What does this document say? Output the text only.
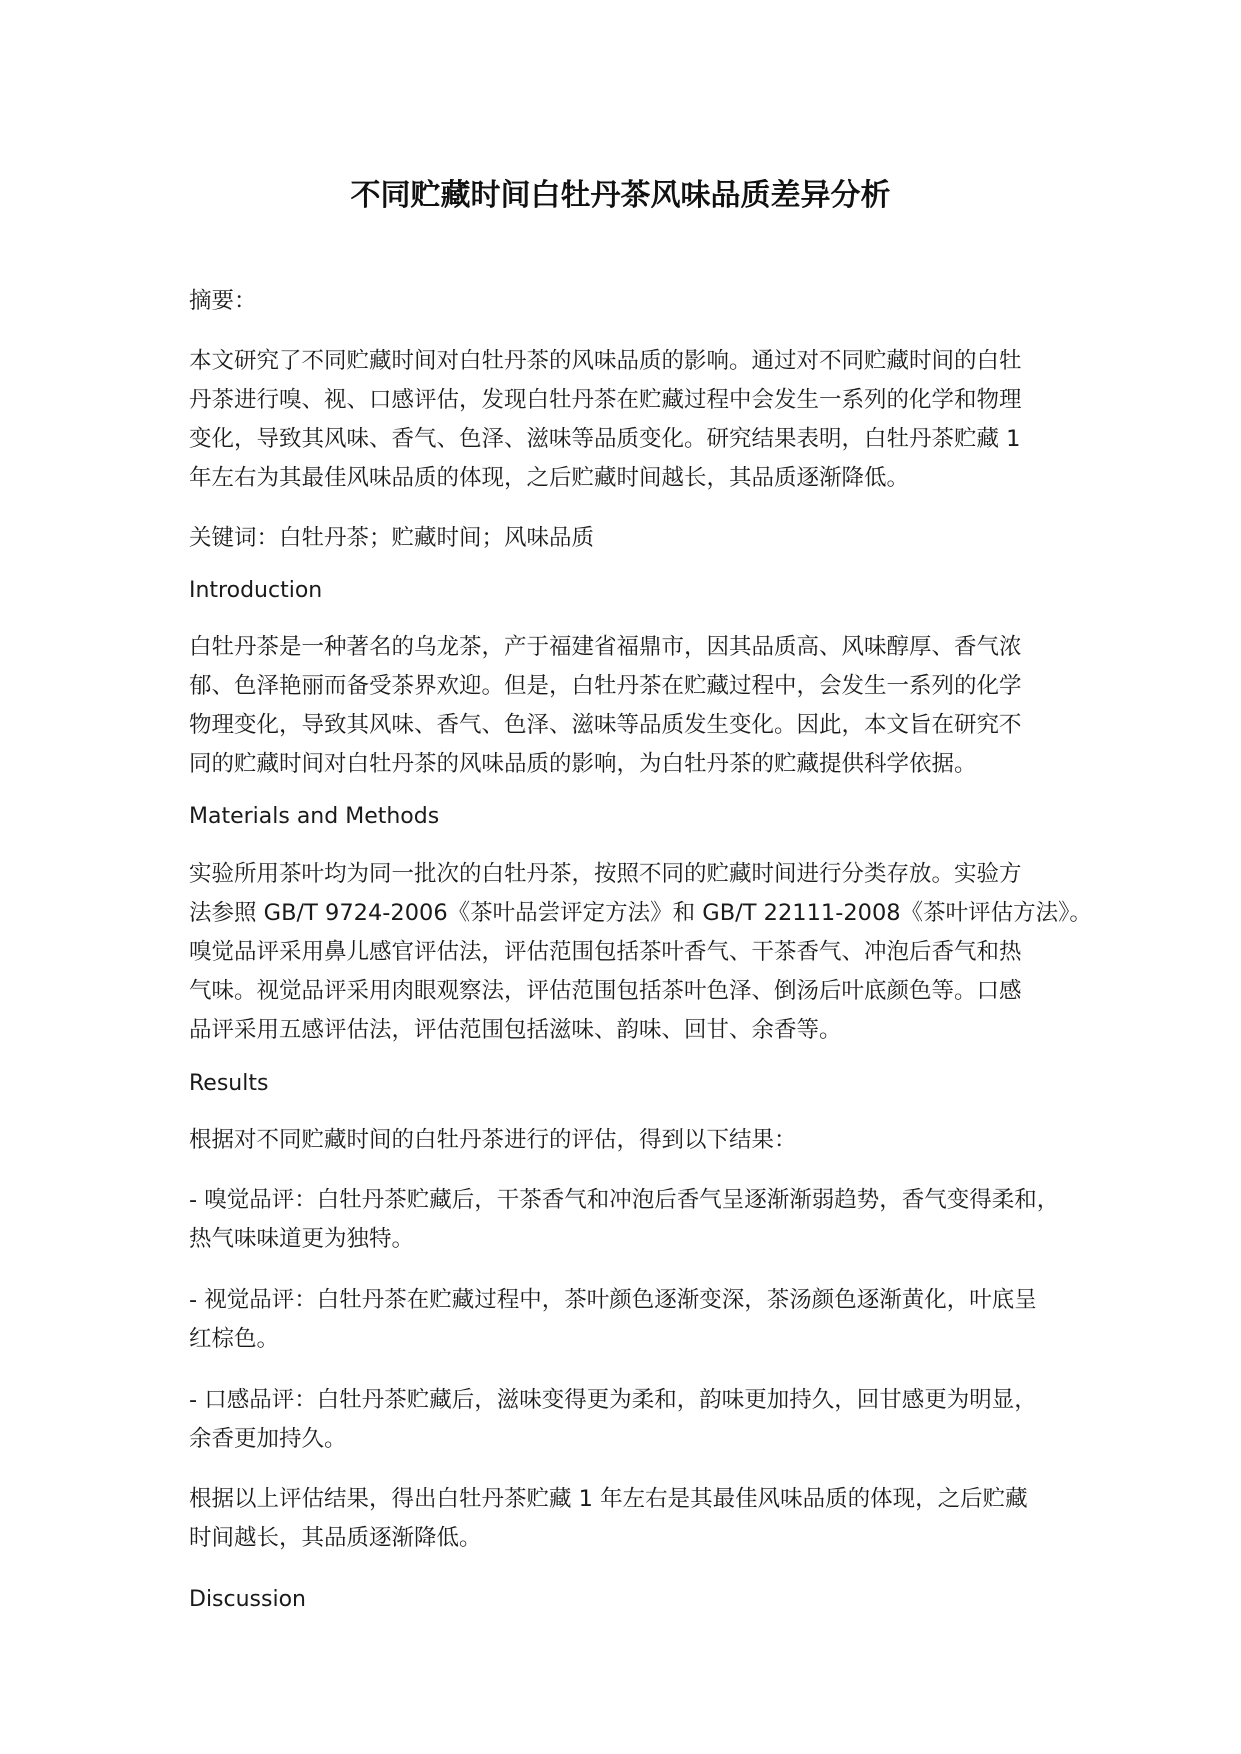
不同贮藏时间白牡丹茶风味品质差异分析

摘要：

本文研究了不同贮藏时间对白牡丹茶的风味品质的影响。通过对不同贮藏时间的白牡
丹茶进行嗅、视、口感评估，发现白牡丹茶在贮藏过程中会发生一系列的化学和物理
变化，导致其风味、香气、色泽、滋味等品质变化。研究结果表明，白牡丹茶贮藏 1
年左右为其最佳风味品质的体现，之后贮藏时间越长，其品质逐渐降低。

关键词：白牡丹茶；贮藏时间；风味品质

Introduction

白牡丹茶是一种著名的乌龙茶，产于福建省福鼎市，因其品质高、风味醇厚、香气浓
郁、色泽艳丽而备受茶界欢迎。但是，白牡丹茶在贮藏过程中，会发生一系列的化学
物理变化，导致其风味、香气、色泽、滋味等品质发生变化。因此，本文旨在研究不
同的贮藏时间对白牡丹茶的风味品质的影响，为白牡丹茶的贮藏提供科学依据。

Materials and Methods

实验所用茶叶均为同一批次的白牡丹茶，按照不同的贮藏时间进行分类存放。实验方
法参照 GB/T 9724-2006《茶叶品尝评定方法》和 GB/T 22111-2008《茶叶评估方法》。
嗅觉品评采用鼻儿感官评估法，评估范围包括茶叶香气、干茶香气、冲泡后香气和热
气味。视觉品评采用肉眼观察法，评估范围包括茶叶色泽、倒汤后叶底颜色等。口感
品评采用五感评估法，评估范围包括滋味、韵味、回甘、余香等。

Results

根据对不同贮藏时间的白牡丹茶进行的评估，得到以下结果：

- 嗅觉品评：白牡丹茶贮藏后，干茶香气和冲泡后香气呈逐渐渐弱趋势，香气变得柔和，
热气味味道更为独特。

- 视觉品评：白牡丹茶在贮藏过程中，茶叶颜色逐渐变深，茶汤颜色逐渐黄化，叶底呈
红棕色。

- 口感品评：白牡丹茶贮藏后，滋味变得更为柔和，韵味更加持久，回甘感更为明显，
余香更加持久。

根据以上评估结果，得出白牡丹茶贮藏 1 年左右是其最佳风味品质的体现，之后贮藏
时间越长，其品质逐渐降低。

Discussion
